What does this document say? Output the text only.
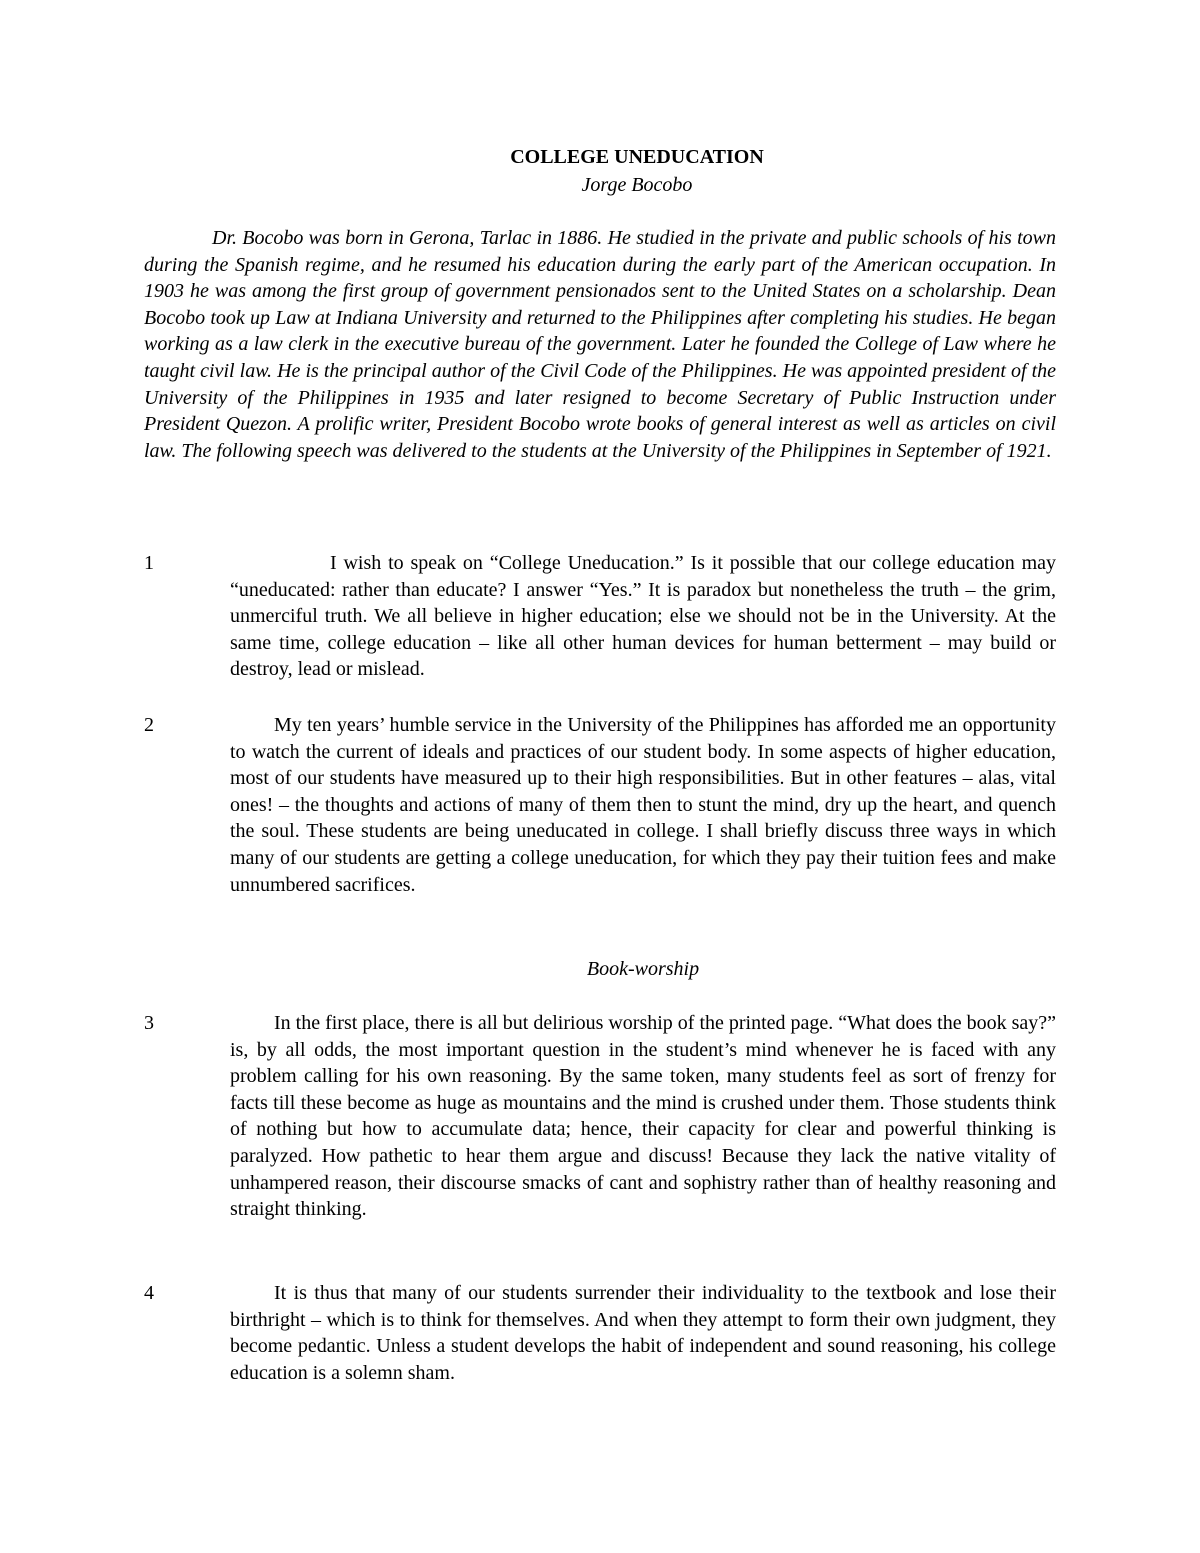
COLLEGE UNEDUCATION
Jorge Bocobo

Dr. Bocobo was born in Gerona, Tarlac in 1886. He studied in the private and public schools of his town during the Spanish regime, and he resumed his education during the early part of the American occupation. In 1903 he was among the first group of government pensionados sent to the United States on a scholarship. Dean Bocobo took up Law at Indiana University and returned to the Philippines after completing his studies. He began working as a law clerk in the executive bureau of the government. Later he founded the College of Law where he taught civil law. He is the principal author of the Civil Code of the Philippines. He was appointed president of the University of the Philippines in 1935 and later resigned to become Secretary of Public Instruction under President Quezon. A prolific writer, President Bocobo wrote books of general interest as well as articles on civil law. The following speech was delivered to the students at the University of the Philippines in September of 1921.

1	I wish to speak on “College Uneducation.” Is it possible that our college education may “uneducated: rather than educate? I answer “Yes.” It is paradox but nonetheless the truth – the grim, unmerciful truth. We all believe in higher education; else we should not be in the University. At the same time, college education – like all other human devices for human betterment – may build or destroy, lead or mislead.

2	My ten years’ humble service in the University of the Philippines has afforded me an opportunity to watch the current of ideals and practices of our student body. In some aspects of higher education, most of our students have measured up to their high responsibilities. But in other features – alas, vital ones! – the thoughts and actions of many of them then to stunt the mind, dry up the heart, and quench the soul. These students are being uneducated in college. I shall briefly discuss three ways in which many of our students are getting a college uneducation, for which they pay their tuition fees and make unnumbered sacrifices.

Book-worship
3	In the first place, there is all but delirious worship of the printed page. “What does the book say?” is, by all odds, the most important question in the student’s mind whenever he is faced with any problem calling for his own reasoning. By the same token, many students feel as sort of frenzy for facts till these become as huge as mountains and the mind is crushed under them. Those students think of nothing but how to accumulate data; hence, their capacity for clear and powerful thinking is paralyzed. How pathetic to hear them argue and discuss! Because they lack the native vitality of unhampered reason, their discourse smacks of cant and sophistry rather than of healthy reasoning and straight thinking.

4	It is thus that many of our students surrender their individuality to the textbook and lose their birthright – which is to think for themselves. And when they attempt to form their own judgment, they become pedantic. Unless a student develops the habit of independent and sound reasoning, his college education is a solemn sham.
